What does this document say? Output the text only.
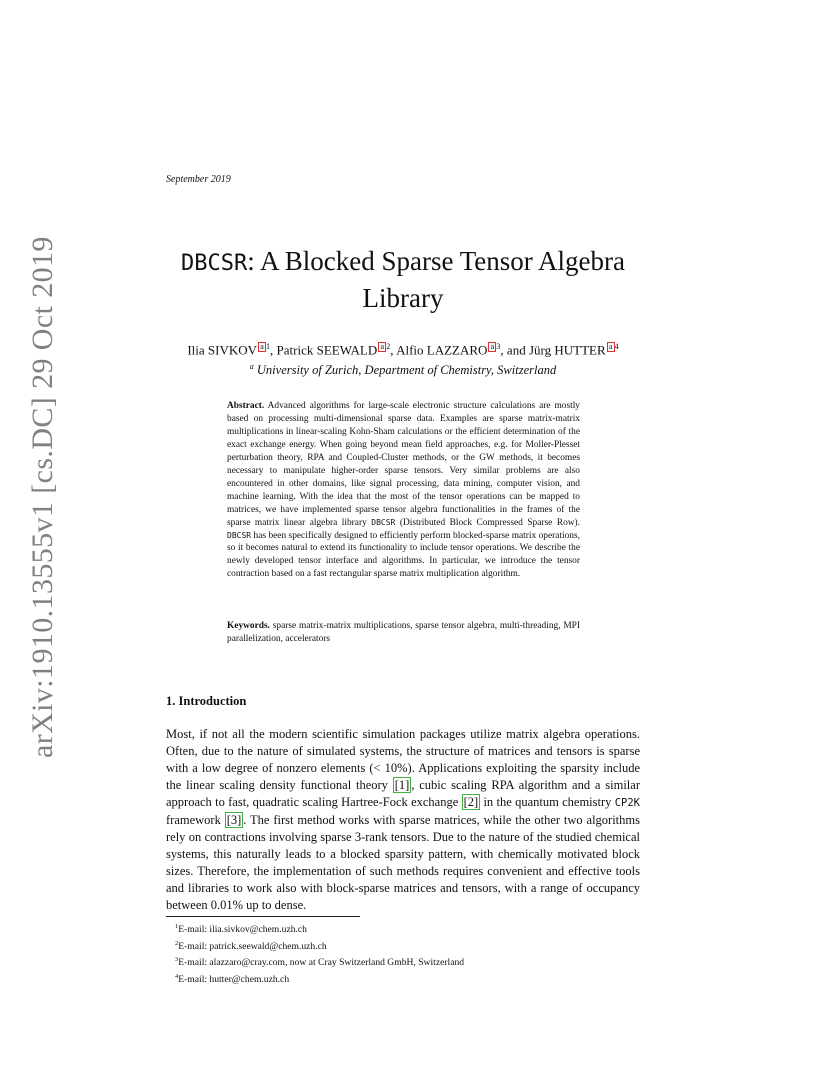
arXiv:1910.13555v1 [cs.DC] 29 Oct 2019
September 2019
DBCSR: A Blocked Sparse Tensor Algebra
Library
Ilia SIVKOV a $^1$, Patrick SEEWALD a $^2$, Alfio LAZZARO a $^3$, and Jürg HUTTER a $^4$
$^a$ University of Zurich, Department of Chemistry, Switzerland

Abstract. Advanced algorithms for large-scale electronic structure calculations are mostly based on processing multi-dimensional sparse data. Examples are sparse matrix-matrix multiplications in linear-scaling Kohn-Sham calculations or the efficient determination of the exact exchange energy. When going beyond mean field approaches, e.g. for Moller-Plesset perturbation theory, RPA and Coupled-Cluster methods, or the GW methods, it becomes necessary to manipulate higher-order sparse tensors. Very similar problems are also encountered in other domains, like signal processing, data mining, computer vision, and machine learning. With the idea that the most of the tensor operations can be mapped to matrices, we have implemented sparse tensor algebra functionalities in the frames of the sparse matrix linear algebra library DBCSR (Distributed Block Compressed Sparse Row). DBCSR has been specifically designed to efficiently perform blocked-sparse matrix operations, so it becomes natural to extend its functionality to include tensor operations. We describe the newly developed tensor interface and algorithms. In particular, we introduce the tensor contraction based on a fast rectangular sparse matrix multiplication algorithm.

Keywords. sparse matrix-matrix multiplications, sparse tensor algebra, multi-threading, MPI parallelization, accelerators
1. Introduction

Most, if not all the modern scientific simulation packages utilize matrix algebra operations. Often, due to the nature of simulated systems, the structure of matrices and tensors is sparse with a low degree of nonzero elements (< 10%). Applications exploiting the sparsity include the linear scaling density functional theory [1] , cubic scaling RPA algorithm and a similar approach to fast, quadratic scaling Hartree-Fock exchange [2] in the quantum chemistry CP2K framework [3] . The first method works with sparse matrices, while the other two algorithms rely on contractions involving sparse 3-rank tensors. Due to the nature of the studied chemical systems, this naturally leads to a blocked sparsity pattern, with chemically motivated block sizes. Therefore, the implementation of such methods requires convenient and effective tools and libraries to work also with block-sparse matrices and tensors, with a range of occupancy between 0.01% up to dense.

$^1$E-mail: ilia.sivkov@chem.uzh.ch
$^2$E-mail: patrick.seewald@chem.uzh.ch
$^3$E-mail: alazzaro@cray.com, now at Cray Switzerland GmbH, Switzerland
$^4$E-mail: hutter@chem.uzh.ch
